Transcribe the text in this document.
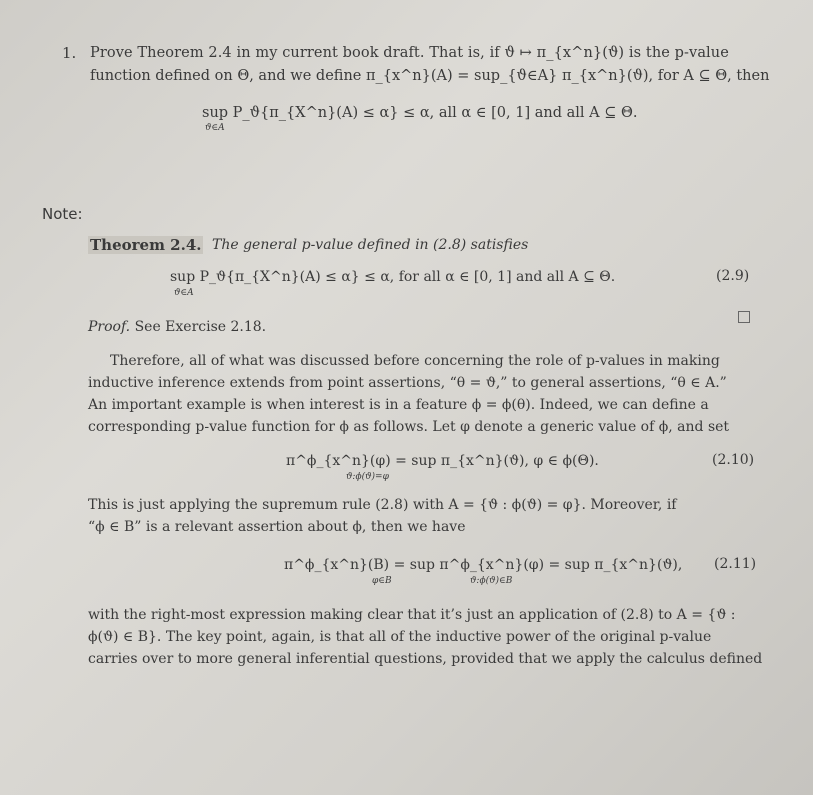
1. Prove Theorem 2.4 in my current book draft. That is, if ϑ ↦ π_{x^n}(ϑ) is the p-value
function defined on Θ, and we define π_{x^n}(A) = sup_{ϑ∈A} π_{x^n}(ϑ), for A ⊆ Θ, then
sup P_ϑ{π_{X^n}(A) ≤ α} ≤ α, all α ∈ [0, 1] and all A ⊆ Θ.
ϑ∈A
Note:
Theorem 2.4. The general p-value defined in (2.8) satisfies
sup P_ϑ{π_{X^n}(A) ≤ α} ≤ α, for all α ∈ [0, 1] and all A ⊆ Θ.
ϑ∈A
(2.9)
Proof. See Exercise 2.18.
Therefore, all of what was discussed before concerning the role of p-values in making
inductive inference extends from point assertions, “θ = ϑ,” to general assertions, “θ ∈ A.”
An important example is when interest is in a feature ϕ = ϕ(θ). Indeed, we can define a
corresponding p-value function for ϕ as follows. Let φ denote a generic value of ϕ, and set
π^ϕ_{x^n}(φ) = sup π_{x^n}(ϑ), φ ∈ ϕ(Θ).
ϑ:ϕ(ϑ)=φ
(2.10)
This is just applying the supremum rule (2.8) with A = {ϑ : ϕ(ϑ) = φ}. Moreover, if
“ϕ ∈ B” is a relevant assertion about ϕ, then we have
π^ϕ_{x^n}(B) = sup π^ϕ_{x^n}(φ) = sup π_{x^n}(ϑ),
φ∈B	ϑ:ϕ(ϑ)∈B
(2.11)
with the right-most expression making clear that it’s just an application of (2.8) to A = {ϑ :
ϕ(ϑ) ∈ B}. The key point, again, is that all of the inductive power of the original p-value
carries over to more general inferential questions, provided that we apply the calculus defined
